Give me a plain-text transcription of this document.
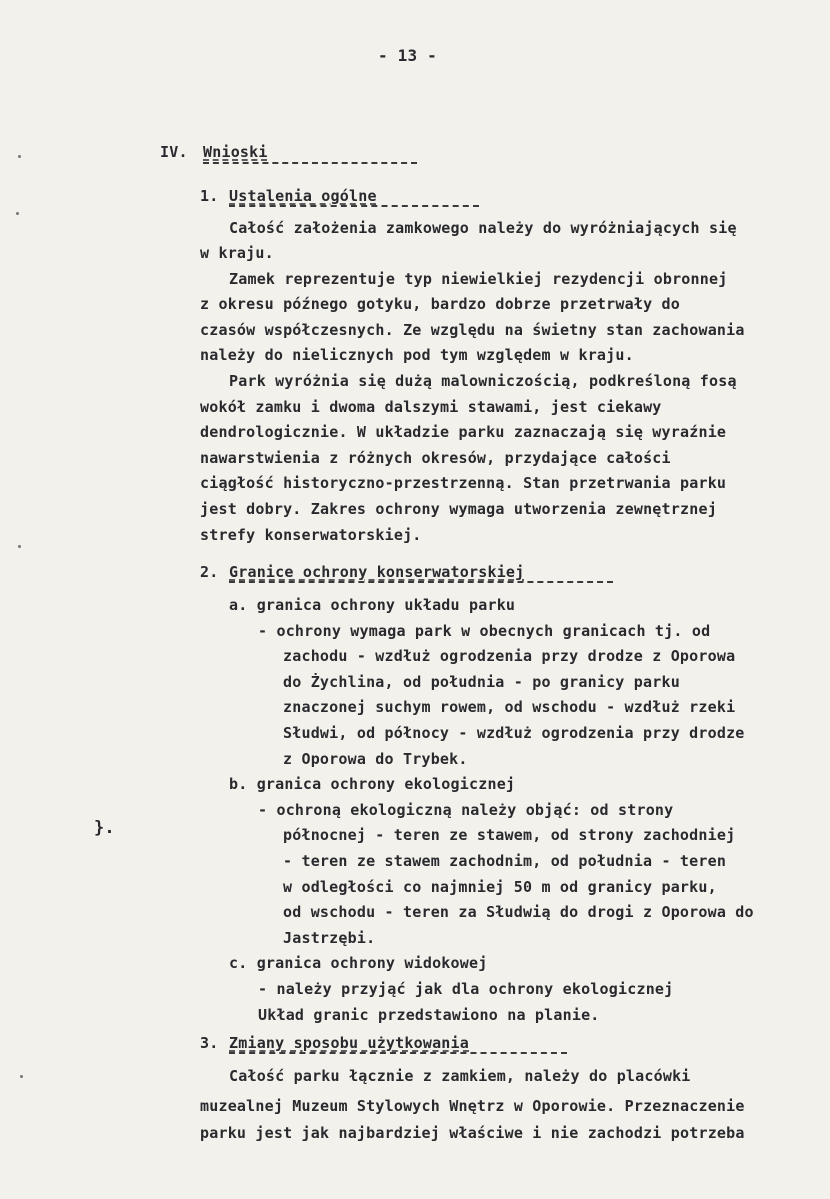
- 13 -
IV. Wnioski
1. Ustalenia ogólne
Całość założenia zamkowego należy do wyróżniających się
w kraju.
Zamek reprezentuje typ niewielkiej rezydencji obronnej
z okresu późnego gotyku, bardzo dobrze przetrwały do
czasów współczesnych. Ze względu na świetny stan zachowania
należy do nielicznych pod tym względem w kraju.
Park wyróżnia się dużą malowniczością, podkreśloną fosą
wokół zamku i dwoma dalszymi stawami, jest ciekawy
dendrologicznie. W układzie parku zaznaczają się wyraźnie
nawarstwienia z różnych okresów, przydające całości
ciągłość historyczno-przestrzenną. Stan przetrwania parku
jest dobry. Zakres ochrony wymaga utworzenia zewnętrznej
strefy konserwatorskiej.
2. Granice ochrony konserwatorskiej
a. granica ochrony układu parku
- ochrony wymaga park w obecnych granicach tj. od
zachodu - wzdłuż ogrodzenia przy drodze z Oporowa
do Żychlina, od południa - po granicy parku
znaczonej suchym rowem, od wschodu - wzdłuż rzeki
Słudwi, od północy - wzdłuż ogrodzenia przy drodze
z Oporowa do Trybek.
b. granica ochrony ekologicznej
- ochroną ekologiczną należy objąć: od strony
}.	północnej - teren ze stawem, od strony zachodniej
- teren ze stawem zachodnim, od południa - teren
w odległości co najmniej 50 m od granicy parku,
od wschodu - teren za Słudwią do drogi z Oporowa do
Jastrzębi.
c. granica ochrony widokowej
- należy przyjąć jak dla ochrony ekologicznej
Układ granic przedstawiono na planie.
3. Zmiany sposobu użytkowania
Całość parku łącznie z zamkiem, należy do placówki
muzealnej Muzeum Stylowych Wnętrz w Oporowie. Przeznaczenie
parku jest jak najbardziej właściwe i nie zachodzi potrzeba
